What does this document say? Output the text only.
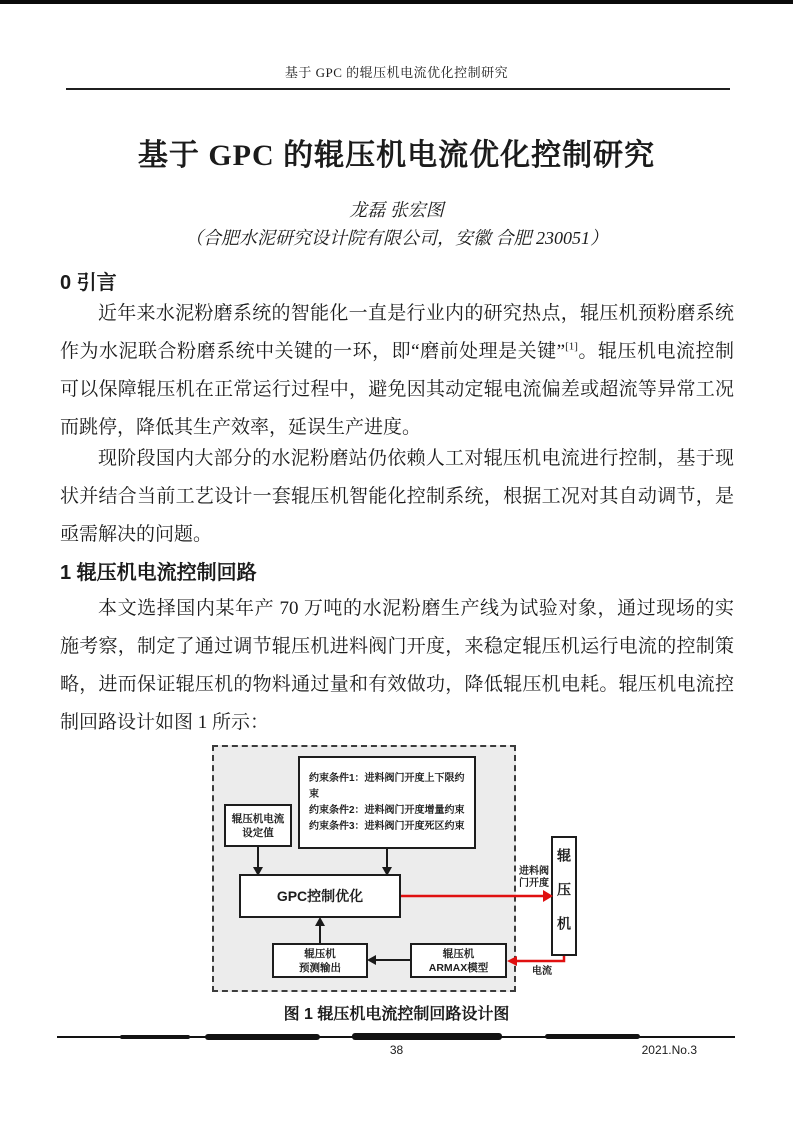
基于 GPC 的辊压机电流优化控制研究
基于 GPC 的辊压机电流优化控制研究
龙磊 张宏图
（合肥水泥研究设计院有限公司，安徽 合肥 230051）
0 引言

近年来水泥粉磨系统的智能化一直是行业内的研究热点，辊压机预粉磨系统作为水泥联合粉磨系统中关键的一环，即“磨前处理是关键”[1]。辊压机电流控制可以保障辊压机在正常运行过程中，避免因其动定辊电流偏差或超流等异常工况而跳停，降低其生产效率，延误生产进度。

现阶段国内大部分的水泥粉磨站仍依赖人工对辊压机电流进行控制，基于现状并结合当前工艺设计一套辊压机智能化控制系统，根据工况对其自动调节，是亟需解决的问题。

1 辊压机电流控制回路

本文选择国内某年产 70 万吨的水泥粉磨生产线为试验对象，通过现场的实施考察，制定了通过调节辊压机进料阀门开度，来稳定辊压机运行电流的控制策略，进而保证辊压机的物料通过量和有效做功，降低辊压机电耗。辊压机电流控制回路设计如图 1 所示：

约束条件1：进料阀门开度上下限约束
约束条件2：进料阀门开度增量约束
约束条件3：进料阀门开度死区约束
辊压机电流
设定值
GPC控制优化
辊压机
预测输出
辊压机
ARMAX模型
辊压机
进料阀
门开度
电流
图 1 辊压机电流控制回路设计图
38	2021.No.3
